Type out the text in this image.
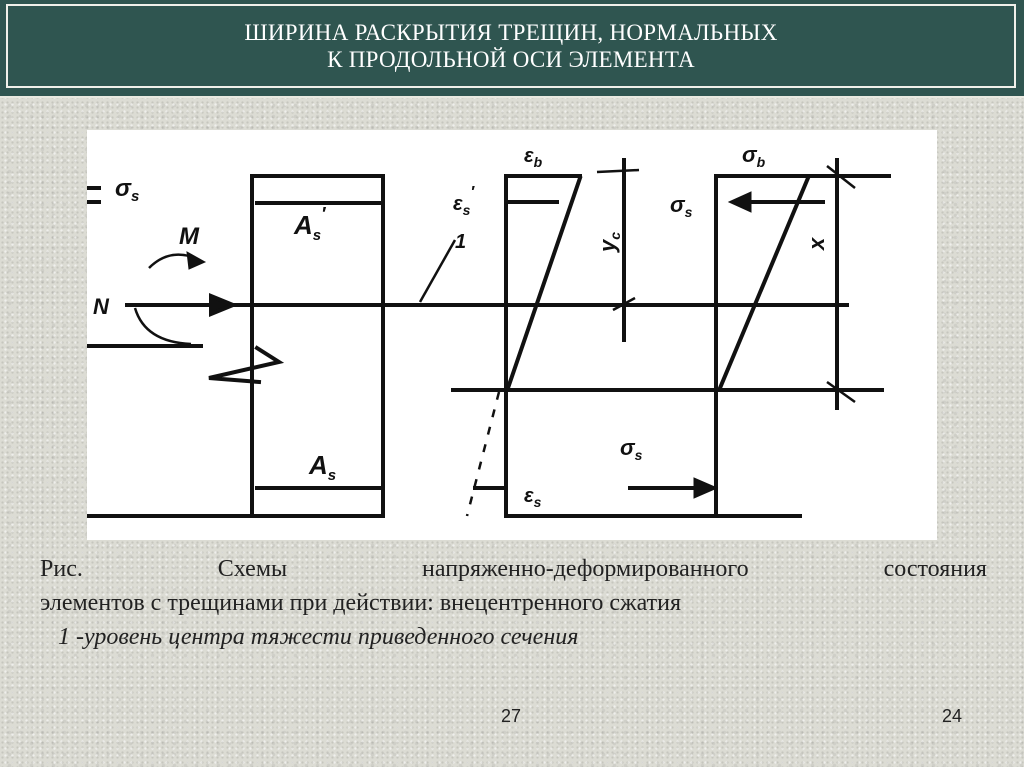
ШИРИНА РАСКРЫТИЯ ТРЕЩИН, НОРМАЛЬНЫХ
К ПРОДОЛЬНОЙ ОСИ ЭЛЕМЕНТА
$\sigma_s$
M
N
$A_s'$
$A_s$
$\varepsilon_b$
$\varepsilon_s'$
1
$\varepsilon_s$
$\sigma_b$
$\sigma_s$
$\sigma_s$
$y_c$
x
Рис.	Схемы	напряженно-деформированного	состояния
элементов с трещинами при действии: внецентренного сжатия
1 -уровень центра тяжести приведенного сечения
27	24
